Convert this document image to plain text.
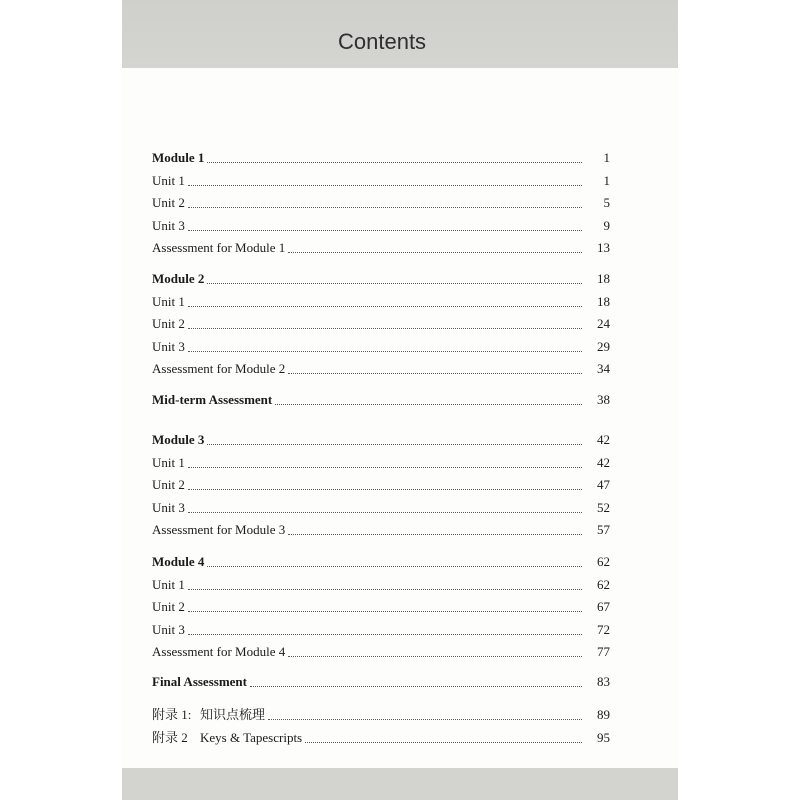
Contents
Module 1	1
Unit 1	1
Unit 2	5
Unit 3	9
Assessment for Module 1	13
Module 2	18
Unit 1	18
Unit 2	24
Unit 3	29
Assessment for Module 2	34
Mid-term Assessment	38
Module 3	42
Unit 1	42
Unit 2	47
Unit 3	52
Assessment for Module 3	57
Module 4	62
Unit 1	62
Unit 2	67
Unit 3	72
Assessment for Module 4	77
Final Assessment	83
附录 1: 知识点梳理	89
附录 2 Keys & Tapescripts	95
